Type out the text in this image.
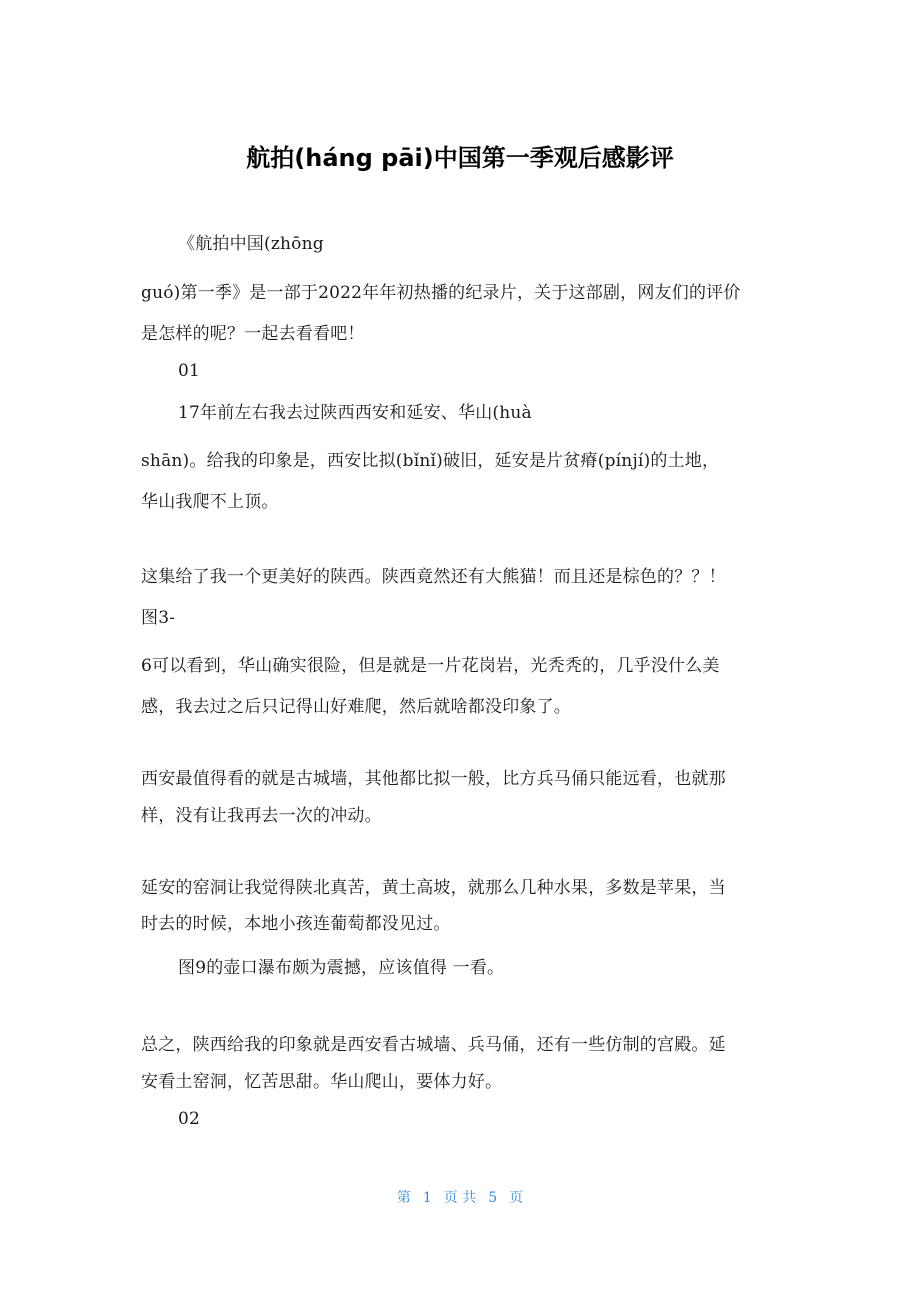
航拍(háng pāi)中国第一季观后感影评
《航拍中国(zhōng
guó)第一季》是一部于2022年年初热播的纪录片，关于这部剧，网友们的评价
是怎样的呢？一起去看看吧！
01
17年前左右我去过陕西西安和延安、华山(huà
shān)。给我的印象是，西安比拟(bǐnǐ)破旧，延安是片贫瘠(pínjí)的土地，
华山我爬不上顶。
这集给了我一个更美好的陕西。陕西竟然还有大熊猫！而且还是棕色的？？！
图3-
6可以看到，华山确实很险，但是就是一片花岗岩，光秃秃的，几乎没什么美
感，我去过之后只记得山好难爬，然后就啥都没印象了。
西安最值得看的就是古城墙，其他都比拟一般，比方兵马俑只能远看，也就那
样，没有让我再去一次的冲动。
延安的窑洞让我觉得陕北真苦，黄土高坡，就那么几种水果，多数是苹果，当
时去的时候，本地小孩连葡萄都没见过。
图9的壶口瀑布颇为震撼，应该值得 一看。
总之，陕西给我的印象就是西安看古城墙、兵马俑，还有一些仿制的宫殿。延
安看土窑洞，忆苦思甜。华山爬山，要体力好。
02
第 1 页 共 5 页
